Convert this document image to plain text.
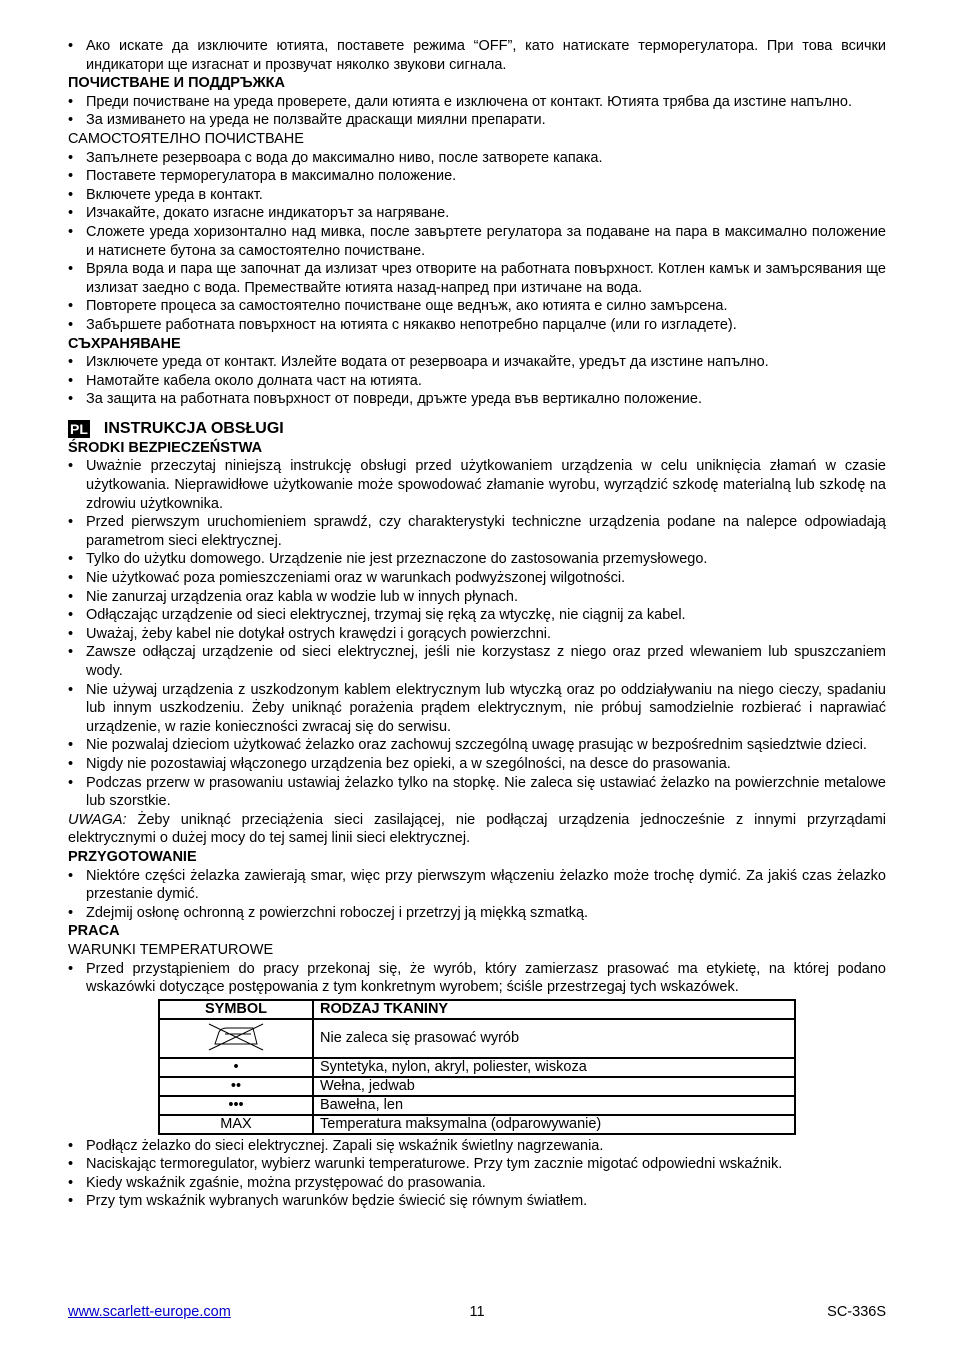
• Ако искате да изключите ютията, поставете режима “OFF”, като натискате терморегулатора. При това всички индикатори ще изгаснат и прозвучат няколко звукови сигнала.
ПОЧИСТВАНЕ И ПОДДРЪЖКА
• Преди почистване на уреда проверете, дали ютията е изключена от контакт. Ютията трябва да изстине напълно.
• За измиването на уреда не ползвайте драскащи миялни препарати.
САМОСТОЯТЕЛНО ПОЧИСТВАНЕ
• Запълнете резервоара с вода до максимално ниво, после затворете капака.
• Поставете терморегулатора в максимално положение.
• Включете уреда в контакт.
• Изчакайте, докато изгасне индикаторът за нагряване.
• Сложете уреда хоризонтално над мивка, после завъртете регулатора за подаване на пара в максимално положение и натиснете бутона за самостоятелно почистване.
• Вряла вода и пара ще започнат да излизат чрез отворите на работната повърхност. Котлен камък и замърсявания ще излизат заедно с вода. Премествайте ютията назад-напред при изтичане на вода.
• Повторете процеса за самостоятелно почистване още веднъж, ако ютията е силно замърсена.
• Забършете работната повърхност на ютията с някакво непотребно парцалче (или го изгладете).
СЪХРАНЯВАНЕ
• Изключете уреда от контакт. Излейте водата от резервоара и изчакайте, уредът да изстине напълно.
• Намотайте кабела около долната част на ютията.
• За защита на работната повърхност от повреди, дръжте уреда във вертикално положение.
PL INSTRUKCJA OBSŁUGI
ŚRODKI BEZPIECZEŃSTWA
• Uważnie przeczytaj niniejszą instrukcję obsługi przed użytkowaniem urządzenia w celu uniknięcia złamań w czasie użytkowania. Nieprawidłowe użytkowanie może spowodować złamanie wyrobu, wyrządzić szkodę materialną lub szkodę na zdrowiu użytkownika.
• Przed pierwszym uruchomieniem sprawdź, czy charakterystyki techniczne urządzenia podane na nalepce odpowiadają parametrom sieci elektrycznej.
• Tylko do użytku domowego. Urządzenie nie jest przeznaczone do zastosowania przemysłowego.
• Nie użytkować poza pomieszczeniami oraz w warunkach podwyższonej wilgotności.
• Nie zanurzaj urządzenia oraz kabla w wodzie lub w innych płynach.
• Odłączając urządzenie od sieci elektrycznej, trzymaj się ręką za wtyczkę, nie ciągnij za kabel.
• Uważaj, żeby kabel nie dotykał ostrych krawędzi i gorących powierzchni.
• Zawsze odłączaj urządzenie od sieci elektrycznej, jeśli nie korzystasz z niego oraz przed wlewaniem lub spuszczaniem wody.
• Nie używaj urządzenia z uszkodzonym kablem elektrycznym lub wtyczką oraz po oddziaływaniu na niego cieczy, spadaniu lub innym uszkodzeniu. Żeby uniknąć porażenia prądem elektrycznym, nie próbuj samodzielnie rozbierać i naprawiać urządzenie, w razie konieczności zwracaj się do serwisu.
• Nie pozwalaj dzieciom użytkować żelazko oraz zachowuj szczególną uwagę prasując w bezpośrednim sąsiedztwie dzieci.
• Nigdy nie pozostawiaj włączonego urządzenia bez opieki, a w szególności, na desce do prasowania.
• Podczas przerw w prasowaniu ustawiaj żelazko tylko na stopkę. Nie zaleca się ustawiać żelazko na powierzchnie metalowe lub szorstkie.
UWAGA: Żeby uniknąć przeciążenia sieci zasilającej, nie podłączaj urządzenia jednocześnie z innymi przyrządami elektrycznymi o dużej mocy do tej samej linii sieci elektrycznej.
PRZYGOTOWANIE
• Niektóre części żelazka zawierają smar, więc przy pierwszym włączeniu żelazko może trochę dymić. Za jakiś czas żelazko przestanie dymić.
• Zdejmij osłonę ochronną z powierzchni roboczej i przetrzyj ją miękką szmatką.
PRACA
WARUNKI TEMPERATUROWE
• Przed przystąpieniem do pracy przekonaj się, że wyrób, który zamierzasz prasować ma etykietę, na której podano wskazówki dotyczące postępowania z tym konkretnym wyrobem; ściśle przestrzegaj tych wskazówek.
SYMBOL	RODZAJ TKANINY
	Nie zaleca się prasować wyrób
•	Syntetyka, nylon, akryl, poliester, wiskoza
••	Wełna, jedwab
•••	Bawełna, len
MAX	Temperatura maksymalna (odparowywanie)
• Podłącz żelazko do sieci elektrycznej. Zapali się wskaźnik świetlny nagrzewania.
• Naciskając termoregulator, wybierz warunki temperaturowe. Przy tym zacznie migotać odpowiedni wskaźnik.
• Kiedy wskaźnik zgaśnie, można przystępować do prasowania.
• Przy tym wskaźnik wybranych warunków będzie świecić się równym światłem.
11
www.scarlett-europe.com	SC-336S
